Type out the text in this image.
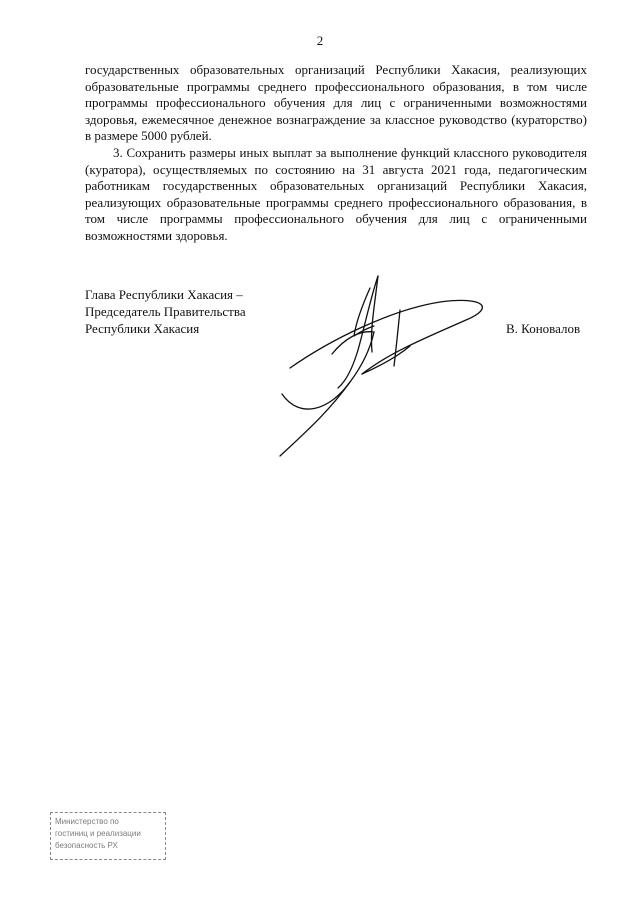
2

государственных образовательных организаций Республики Хакасия, реализующих образовательные программы среднего профессионального образования, в том числе программы профессионального обучения для лиц с ограниченными возможностями здоровья, ежемесячное денежное вознаграждение за классное руководство (кураторство) в размере 5000 рублей.

3. Сохранить размеры иных выплат за выполнение функций классного руководителя (куратора), осуществляемых по состоянию на 31 августа 2021 года, педагогическим работникам государственных образовательных организаций Республики Хакасия, реализующих образовательные программы среднего профессионального образования, в том числе программы профессионального обучения для лиц с ограниченными возможностями здоровья.

Глава Республики Хакасия –
Председатель Правительства
Республики Хакасия	В. Коновалов
Министерство по
гостиниц и реализации
безопасность РХ
